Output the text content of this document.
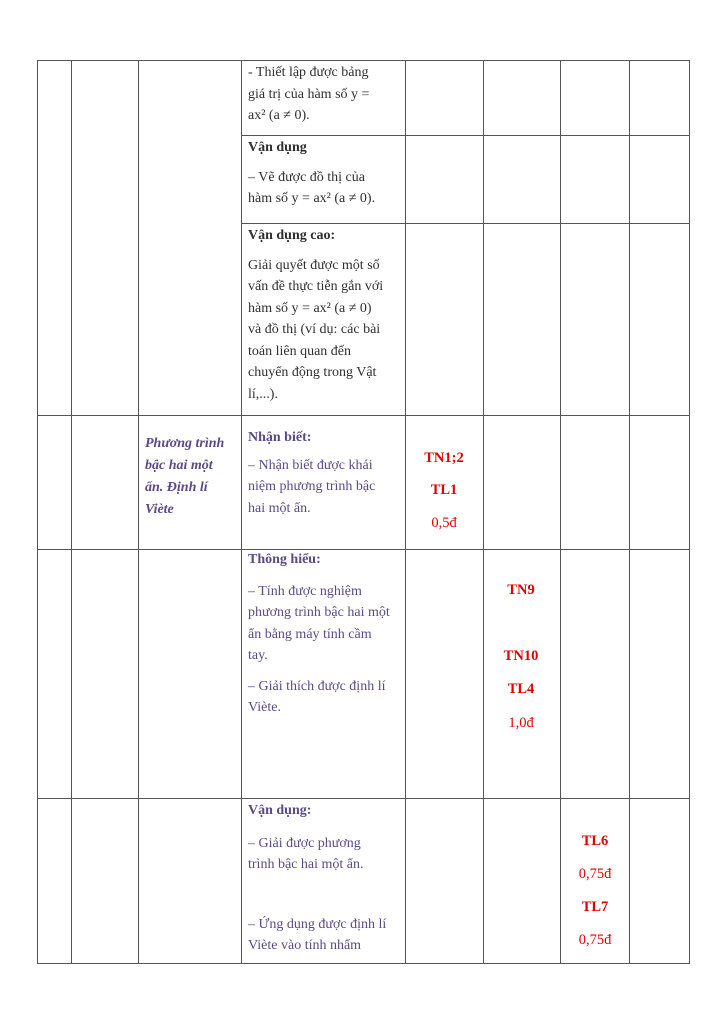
- Thiết lập được bảng

giá trị của hàm số y =

ax² (a ≠ 0).

Vận dụng

– Vẽ được đồ thị của

hàm số y = ax² (a ≠ 0).

Vận dụng cao:

Giải quyết được một số

vấn đề thực tiễn gắn với

hàm số y = ax² (a ≠ 0)

và đồ thị (ví dụ: các bài

toán liên quan đến

chuyển động trong Vật

lí,...).

Phương trình

bậc hai một

ẩn. Định lí

Viète

Nhận biết:

– Nhận biết được khái

niệm phương trình bậc

hai một ẩn.

TN1;2
TL1
0,5đ

Thông hiểu:

– Tính được nghiệm

phương trình bậc hai một

ẩn bằng máy tính cầm

tay.

– Giải thích được định lí

Viète.

TN9
TN10
TL4
1,0đ

Vận dụng:

– Giải được phương

trình bậc hai một ẩn.

– Ứng dụng được định lí

Viète vào tính nhẩm

TL6
0,75đ
TL7
0,75đ
